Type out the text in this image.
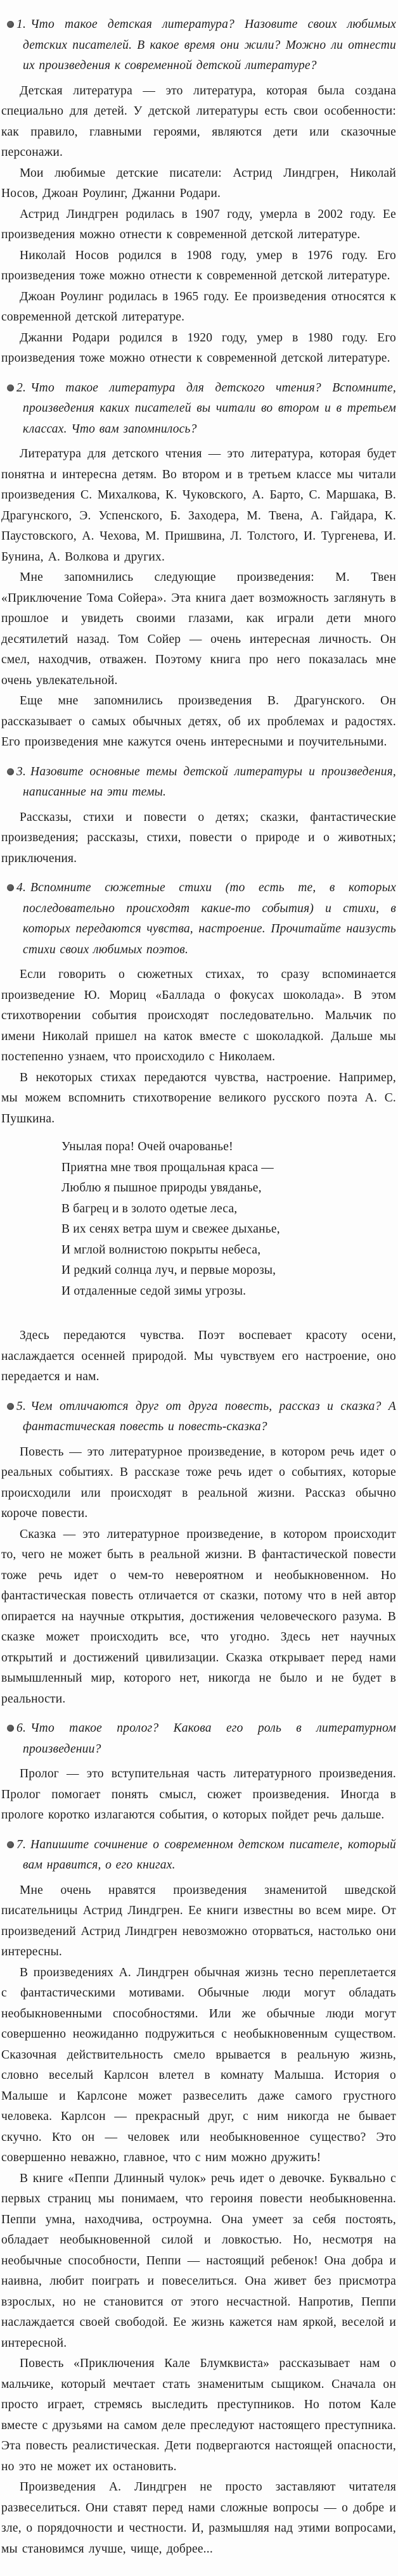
1. Что такое детская литература? Назовите своих любимых детских писателей. В какое время они жили? Можно ли отнести их произведения к современной детской литературе?

Детская литература — это литература, которая была создана специально для детей. У детской литературы есть свои особенности: как правило, главными героями, являются дети или сказочные персонажи.

Мои любимые детские писатели: Астрид Линдгрен, Николай Носов, Джоан Роулинг, Джанни Родари.

Астрид Линдгрен родилась в 1907 году, умерла в 2002 году. Ее произведения можно отнести к современной детской литературе.

Николай Носов родился в 1908 году, умер в 1976 году. Его произведения тоже можно отнести к современной детской литературе.

Джоан Роулинг родилась в 1965 году. Ее произведения относятся к современной детской литературе.

Джанни Родари родился в 1920 году, умер в 1980 году. Его произведения тоже можно отнести к современной детской литературе.

2. Что такое литература для детского чтения? Вспомните, произведения каких писателей вы читали во втором и в третьем классах. Что вам запомнилось?

Литература для детского чтения — это литература, которая будет понятна и интересна детям. Во втором и в третьем классе мы читали произведения С. Михалкова, К. Чуковского, А. Барто, С. Маршака, В. Драгунского, Э. Успенского, Б. Заходера, М. Твена, А. Гайдара, К. Паустовского, А. Чехова, М. Пришвина, Л. Толстого, И. Тургенева, И. Бунина, А. Волкова и других.

Мне запомнились следующие произведения: М. Твен «Приключение Тома Сойера». Эта книга дает возможность заглянуть в прошлое и увидеть своими глазами, как играли дети много десятилетий назад. Том Сойер — очень интересная личность. Он смел, находчив, отважен. Поэтому книга про него показалась мне очень увлекательной.

Еще мне запомнились произведения В. Драгунского. Он рассказывает о самых обычных детях, об их проблемах и радостях. Его произведения мне кажутся очень интересными и поучительными.

3. Назовите основные темы детской литературы и произведения, написанные на эти темы.

Рассказы, стихи и повести о детях; сказки, фантастические произведения; рассказы, стихи, повести о природе и о животных; приключения.

4. Вспомните сюжетные стихи (то есть те, в которых последовательно происходят какие-то события) и стихи, в которых передаются чувства, настроение. Прочитайте наизусть стихи своих любимых поэтов.

Если говорить о сюжетных стихах, то сразу вспоминается произведение Ю. Мориц «Баллада о фокусах шоколада». В этом стихотворении события происходят последовательно. Мальчик по имени Николай пришел на каток вместе с шоколадкой. Дальше мы постепенно узнаем, что происходило с Николаем.

В некоторых стихах передаются чувства, настроение. Например, мы можем вспомнить стихотворение великого русского поэта А. С. Пушкина.

Унылая пора! Очей очарованье!
Приятна мне твоя прощальная краса —
Люблю я пышное природы увяданье,
В багрец и в золото одетые леса,
В их сенях ветра шум и свежее дыханье,
И мглой волнистою покрыты небеса,
И редкий солнца луч, и первые морозы,
И отдаленные седой зимы угрозы.

Здесь передаются чувства. Поэт воспевает красоту осени, наслаждается осенней природой. Мы чувствуем его настроение, оно передается и нам.

5. Чем отличаются друг от друга повесть, рассказ и сказка? А фантастическая повесть и повесть-сказка?

Повесть — это литературное произведение, в котором речь идет о реальных событиях. В рассказе тоже речь идет о событиях, которые происходили или происходят в реальной жизни. Рассказ обычно короче повести.

Сказка — это литературное произведение, в котором происходит то, чего не может быть в реальной жизни. В фантастической повести тоже речь идет о чем-то невероятном и необыкновенном. Но фантастическая повесть отличается от сказки, потому что в ней автор опирается на научные открытия, достижения человеческого разума. В сказке может происходить все, что угодно. Здесь нет научных открытий и достижений цивилизации. Сказка открывает перед нами вымышленный мир, которого нет, никогда не было и не будет в реальности.

6. Что такое пролог? Какова его роль в литературном произведении?

Пролог — это вступительная часть литературного произведения. Пролог помогает понять смысл, сюжет произведения. Иногда в прологе коротко излагаются события, о которых пойдет речь дальше.

7. Напишите сочинение о современном детском писателе, который вам нравится, о его книгах.

Мне очень нравятся произведения знаменитой шведской писательницы Астрид Линдгрен. Ее книги известны во всем мире. От произведений Астрид Линдгрен невозможно оторваться, настолько они интересны.

В произведениях А. Линдгрен обычная жизнь тесно переплетается с фантастическими мотивами. Обычные люди могут обладать необыкновенными способностями. Или же обычные люди могут совершенно неожиданно подружиться с необыкновенным существом. Сказочная действительность смело врывается в реальную жизнь, словно веселый Карлсон влетел в комнату Малыша. История о Малыше и Карлсоне может развеселить даже самого грустного человека. Карлсон — прекрасный друг, с ним никогда не бывает скучно. Кто он — человек или необыкновенное существо? Это совершенно неважно, главное, что с ним можно дружить!

В книге «Пеппи Длинный чулок» речь идет о девочке. Буквально с первых страниц мы понимаем, что героиня повести необыкновенна. Пеппи умна, находчива, остроумна. Она умеет за себя постоять, обладает необыкновенной силой и ловкостью. Но, несмотря на необычные способности, Пеппи — настоящий ребенок! Она добра и наивна, любит поиграть и повеселиться. Она живет без присмотра взрослых, но не становится от этого несчастной. Напротив, Пеппи наслаждается своей свободой. Ее жизнь кажется нам яркой, веселой и интересной.

Повесть «Приключения Кале Блумквиста» рассказывает нам о мальчике, который мечтает стать знаменитым сыщиком. Сначала он просто играет, стремясь выследить преступников. Но потом Кале вместе с друзьями на самом деле преследуют настоящего преступника. Эта повесть реалистическая. Дети подвергаются настоящей опасности, но это не может их остановить.

Произведения А. Линдгрен не просто заставляют читателя развеселиться. Они ставят перед нами сложные вопросы — о добре и зле, о порядочности и честности. И, размышляя над этими вопросами, мы становимся лучше, чище, добрее...
